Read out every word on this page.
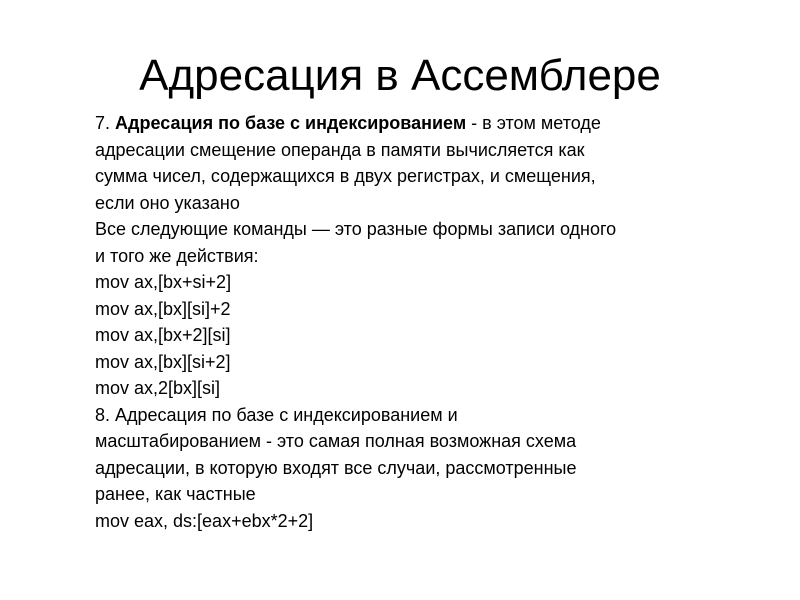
Адресация в Ассемблере
7. Адресация по базе с индексированием - в этом методе
адресации смещение операнда в памяти вычисляется как
сумма чисел, содержащихся в двух регистрах, и смещения,
если оно указано
Все следующие команды — это разные формы записи одного
и того же действия:
mov ax,[bx+si+2]
mov ax,[bx][si]+2
mov ax,[bx+2][si]
mov ax,[bx][si+2]
mov ax,2[bx][si]
8. Адресация по базе с индексированием и
масштабированием - это самая полная возможная схема
адресации, в которую входят все случаи, рассмотренные
ранее, как частные
mov eax, ds:[eax+ebx*2+2]
